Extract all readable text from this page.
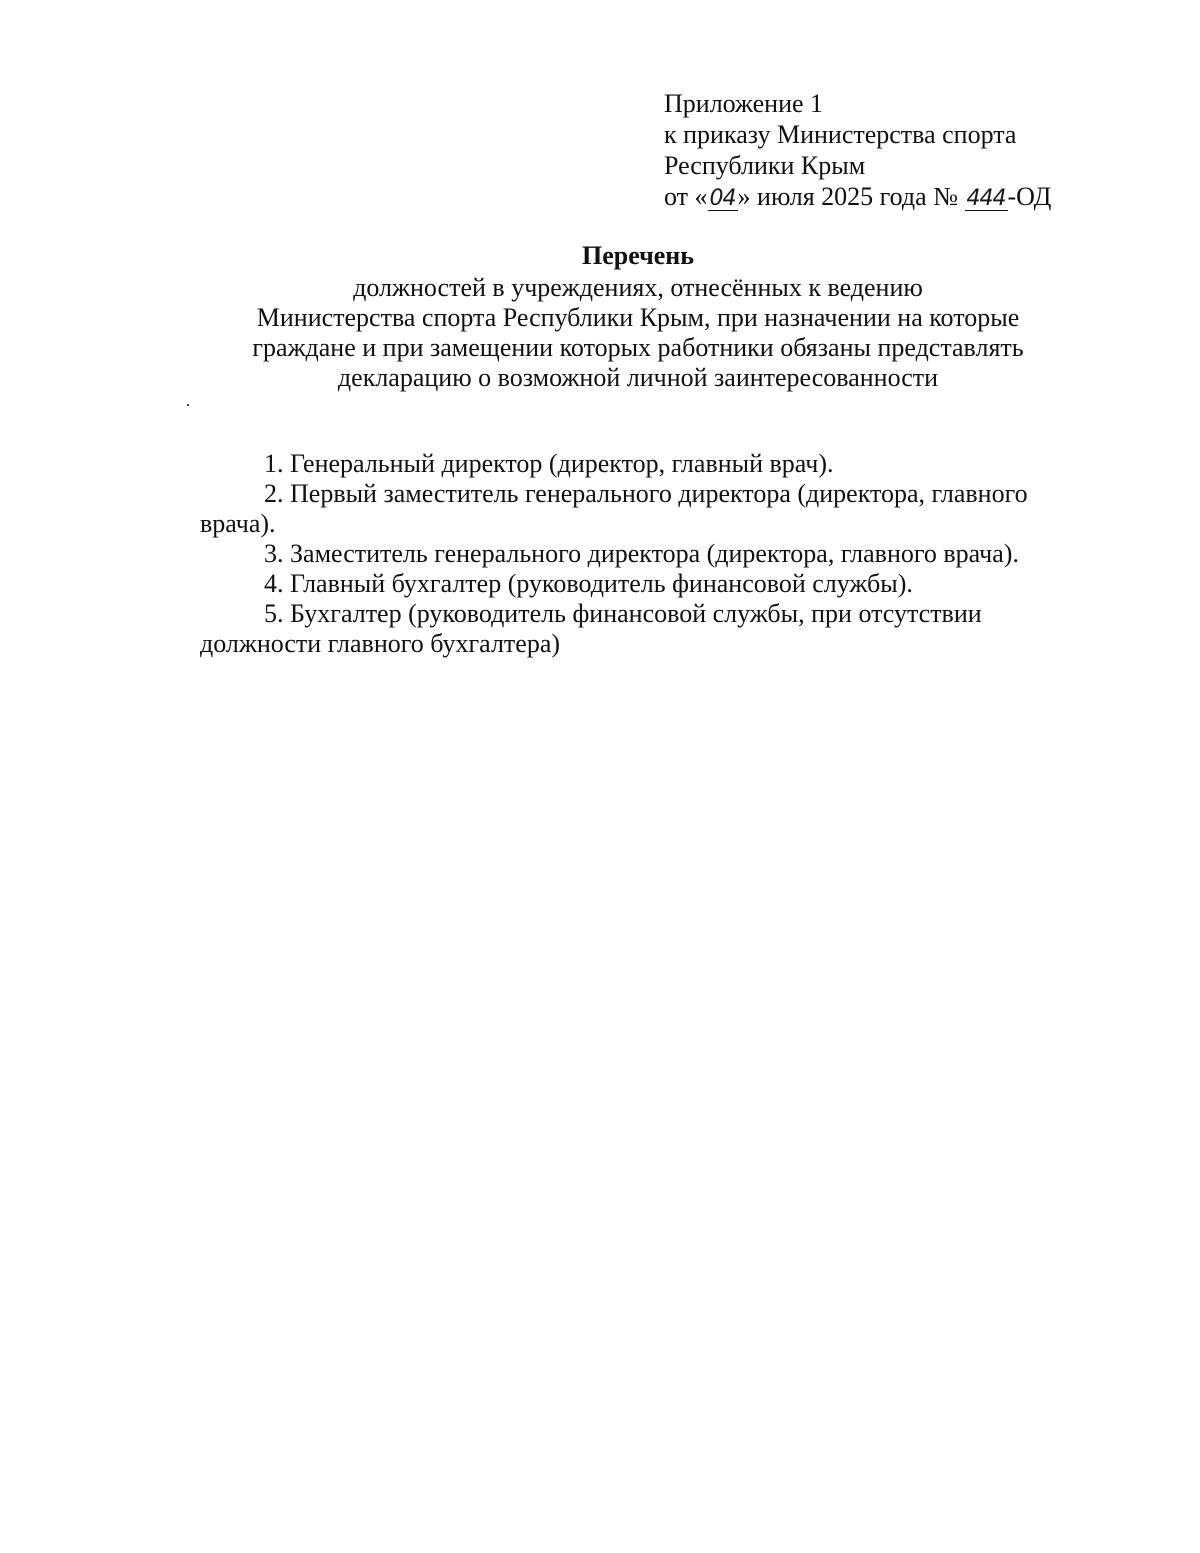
Приложение 1
к приказу Министерства спорта
Республики Крым
от «04» июля 2025 года № 444-ОД
Перечень
должностей в учреждениях, отнесённых к ведению
Министерства спорта Республики Крым, при назначении на которые
граждане и при замещении которых работники обязаны представлять
декларацию о возможной личной заинтересованности

1. Генеральный директор (директор, главный врач).

2. Первый заместитель генерального директора (директора, главного врача).

3. Заместитель генерального директора (директора, главного врача).

4. Главный бухгалтер (руководитель финансовой службы).

5. Бухгалтер (руководитель финансовой службы, при отсутствии должности главного бухгалтера)
